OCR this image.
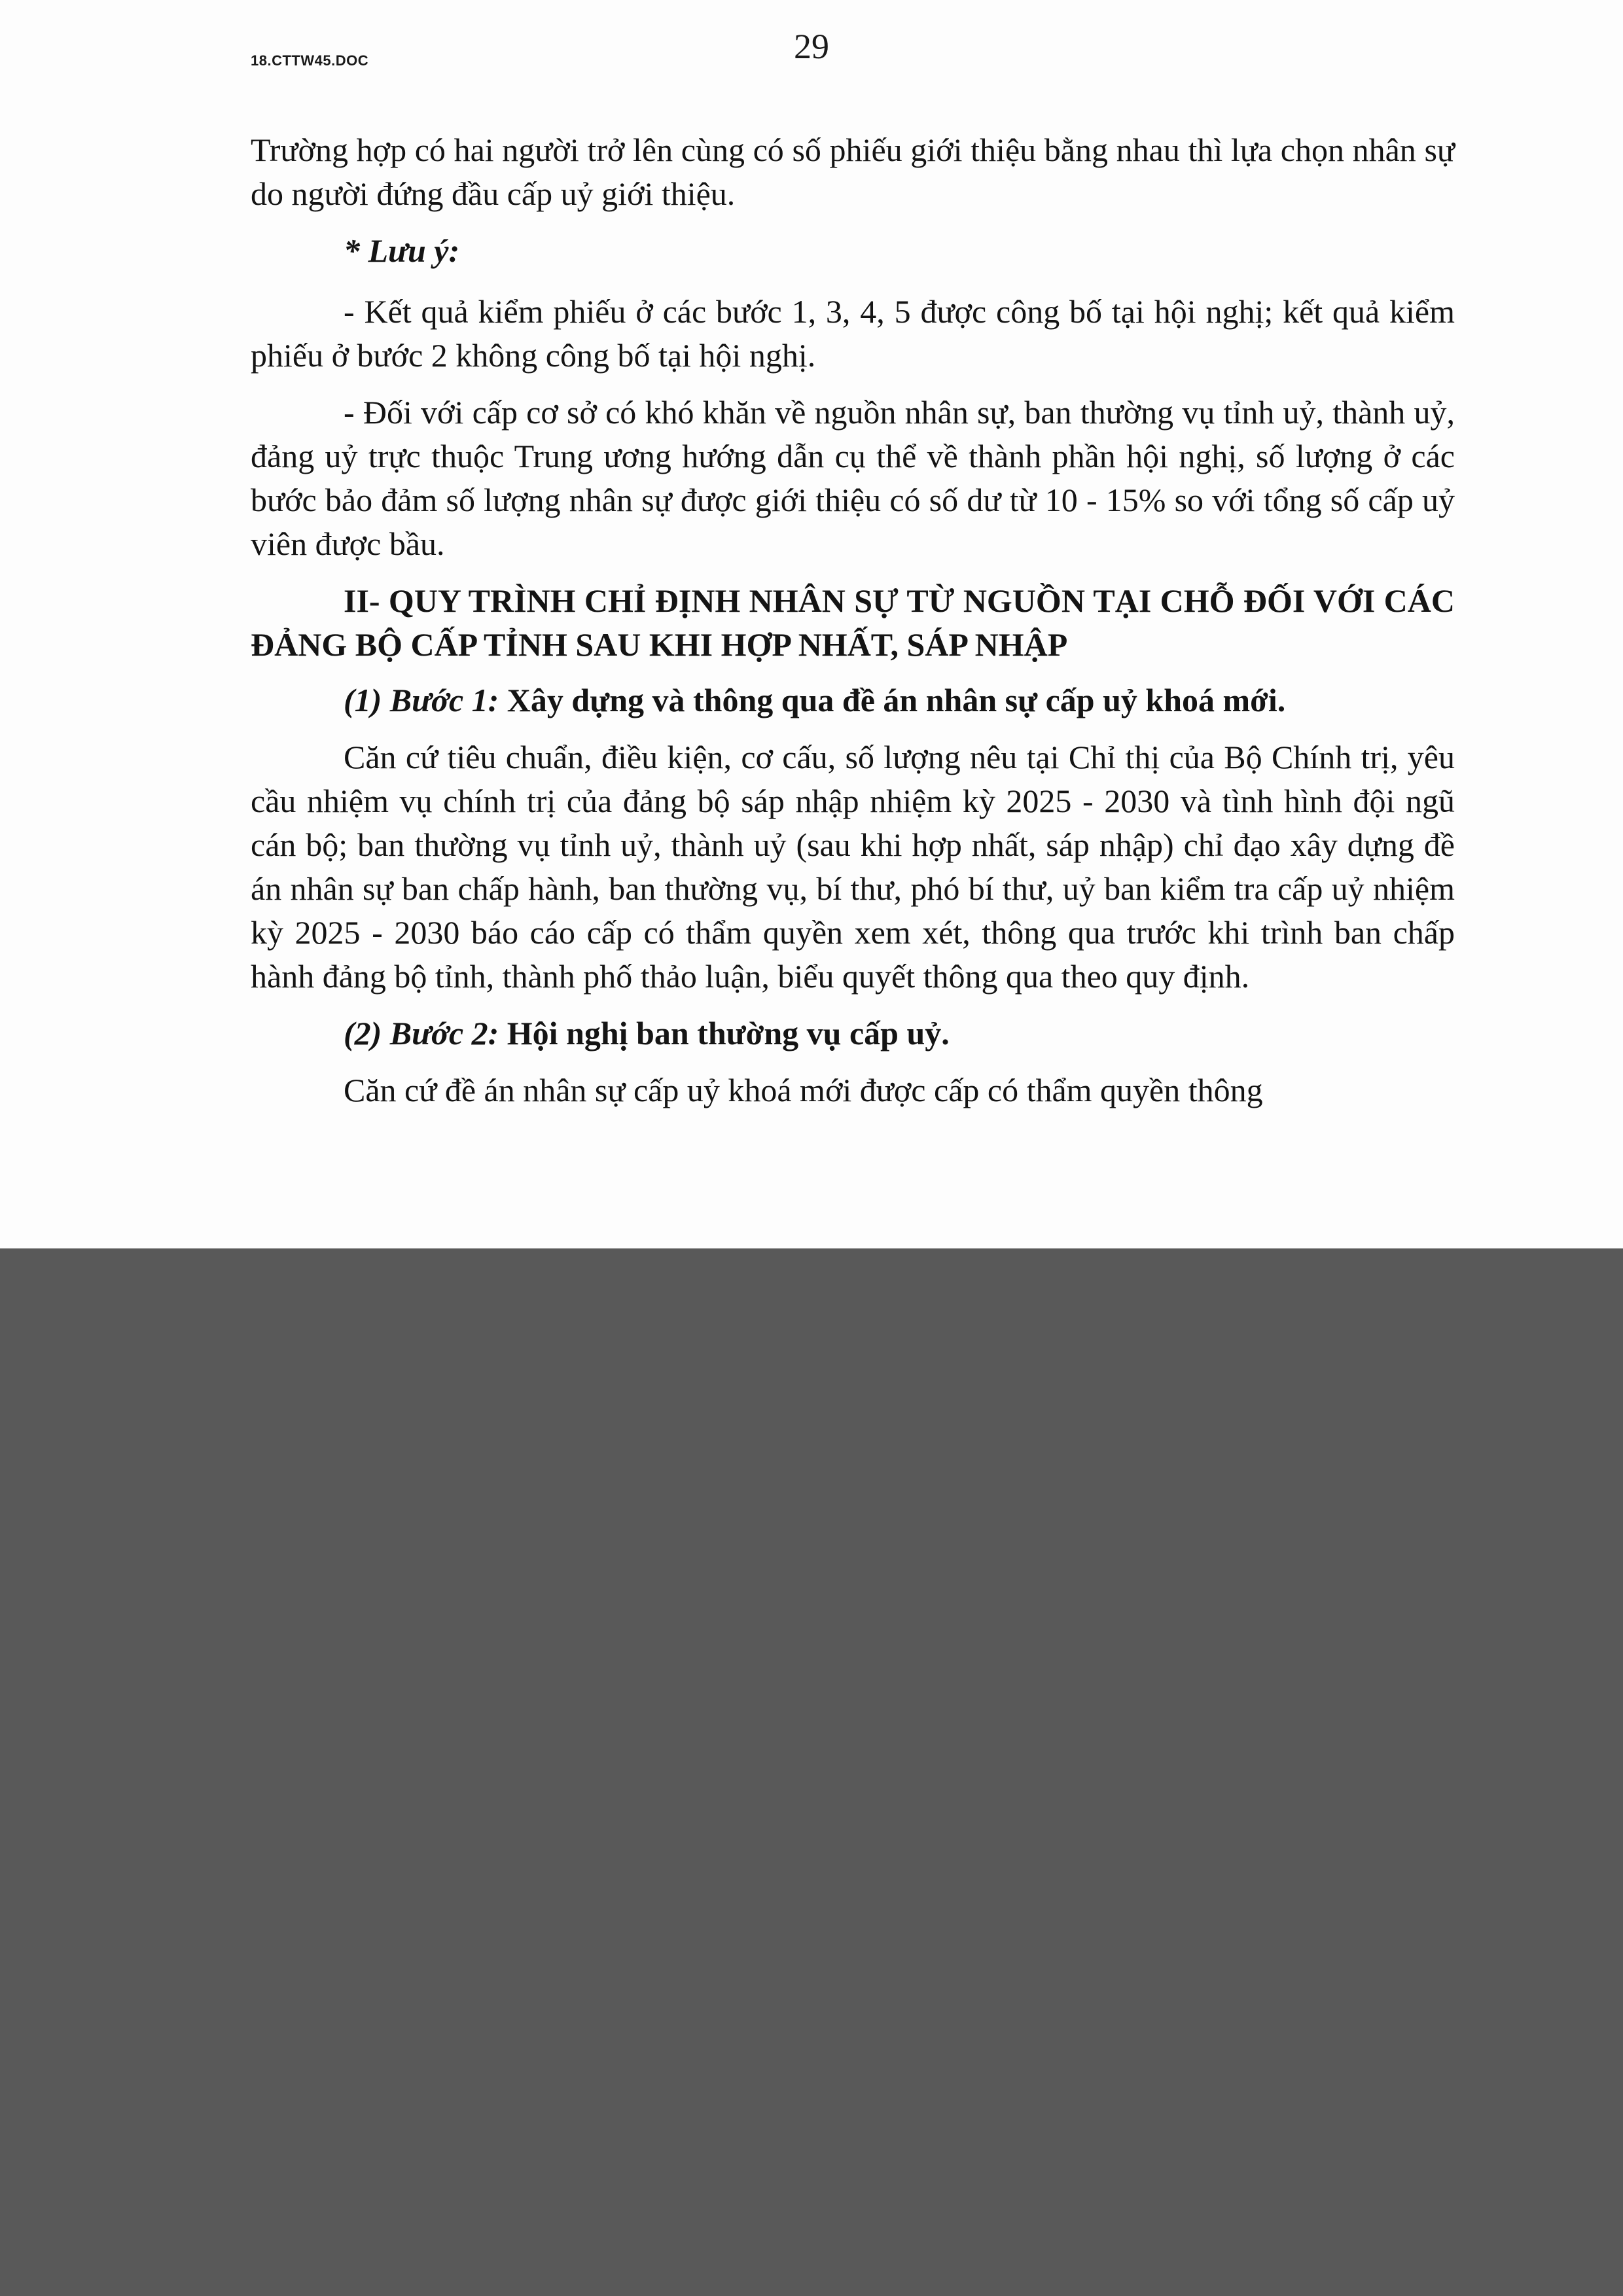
18.CTTW45.DOC	29

Trường hợp có hai người trở lên cùng có số phiếu giới thiệu bằng nhau thì lựa chọn nhân sự do người đứng đầu cấp uỷ giới thiệu.

* Lưu ý:

- Kết quả kiểm phiếu ở các bước 1, 3, 4, 5 được công bố tại hội nghị; kết quả kiểm phiếu ở bước 2 không công bố tại hội nghị.

- Đối với cấp cơ sở có khó khăn về nguồn nhân sự, ban thường vụ tỉnh uỷ, thành uỷ, đảng uỷ trực thuộc Trung ương hướng dẫn cụ thể về thành phần hội nghị, số lượng ở các bước bảo đảm số lượng nhân sự được giới thiệu có số dư từ 10 - 15% so với tổng số cấp uỷ viên được bầu.

II- QUY TRÌNH CHỈ ĐỊNH NHÂN SỰ TỪ NGUỒN TẠI CHỖ ĐỐI VỚI CÁC ĐẢNG BỘ CẤP TỈNH SAU KHI HỢP NHẤT, SÁP NHẬP

(1) Bước 1: Xây dựng và thông qua đề án nhân sự cấp uỷ khoá mới.

Căn cứ tiêu chuẩn, điều kiện, cơ cấu, số lượng nêu tại Chỉ thị của Bộ Chính trị, yêu cầu nhiệm vụ chính trị của đảng bộ sáp nhập nhiệm kỳ 2025 - 2030 và tình hình đội ngũ cán bộ; ban thường vụ tỉnh uỷ, thành uỷ (sau khi hợp nhất, sáp nhập) chỉ đạo xây dựng đề án nhân sự ban chấp hành, ban thường vụ, bí thư, phó bí thư, uỷ ban kiểm tra cấp uỷ nhiệm kỳ 2025 - 2030 báo cáo cấp có thẩm quyền xem xét, thông qua trước khi trình ban chấp hành đảng bộ tỉnh, thành phố thảo luận, biểu quyết thông qua theo quy định.

(2) Bước 2: Hội nghị ban thường vụ cấp uỷ.

Căn cứ đề án nhân sự cấp uỷ khoá mới được cấp có thẩm quyền thông
